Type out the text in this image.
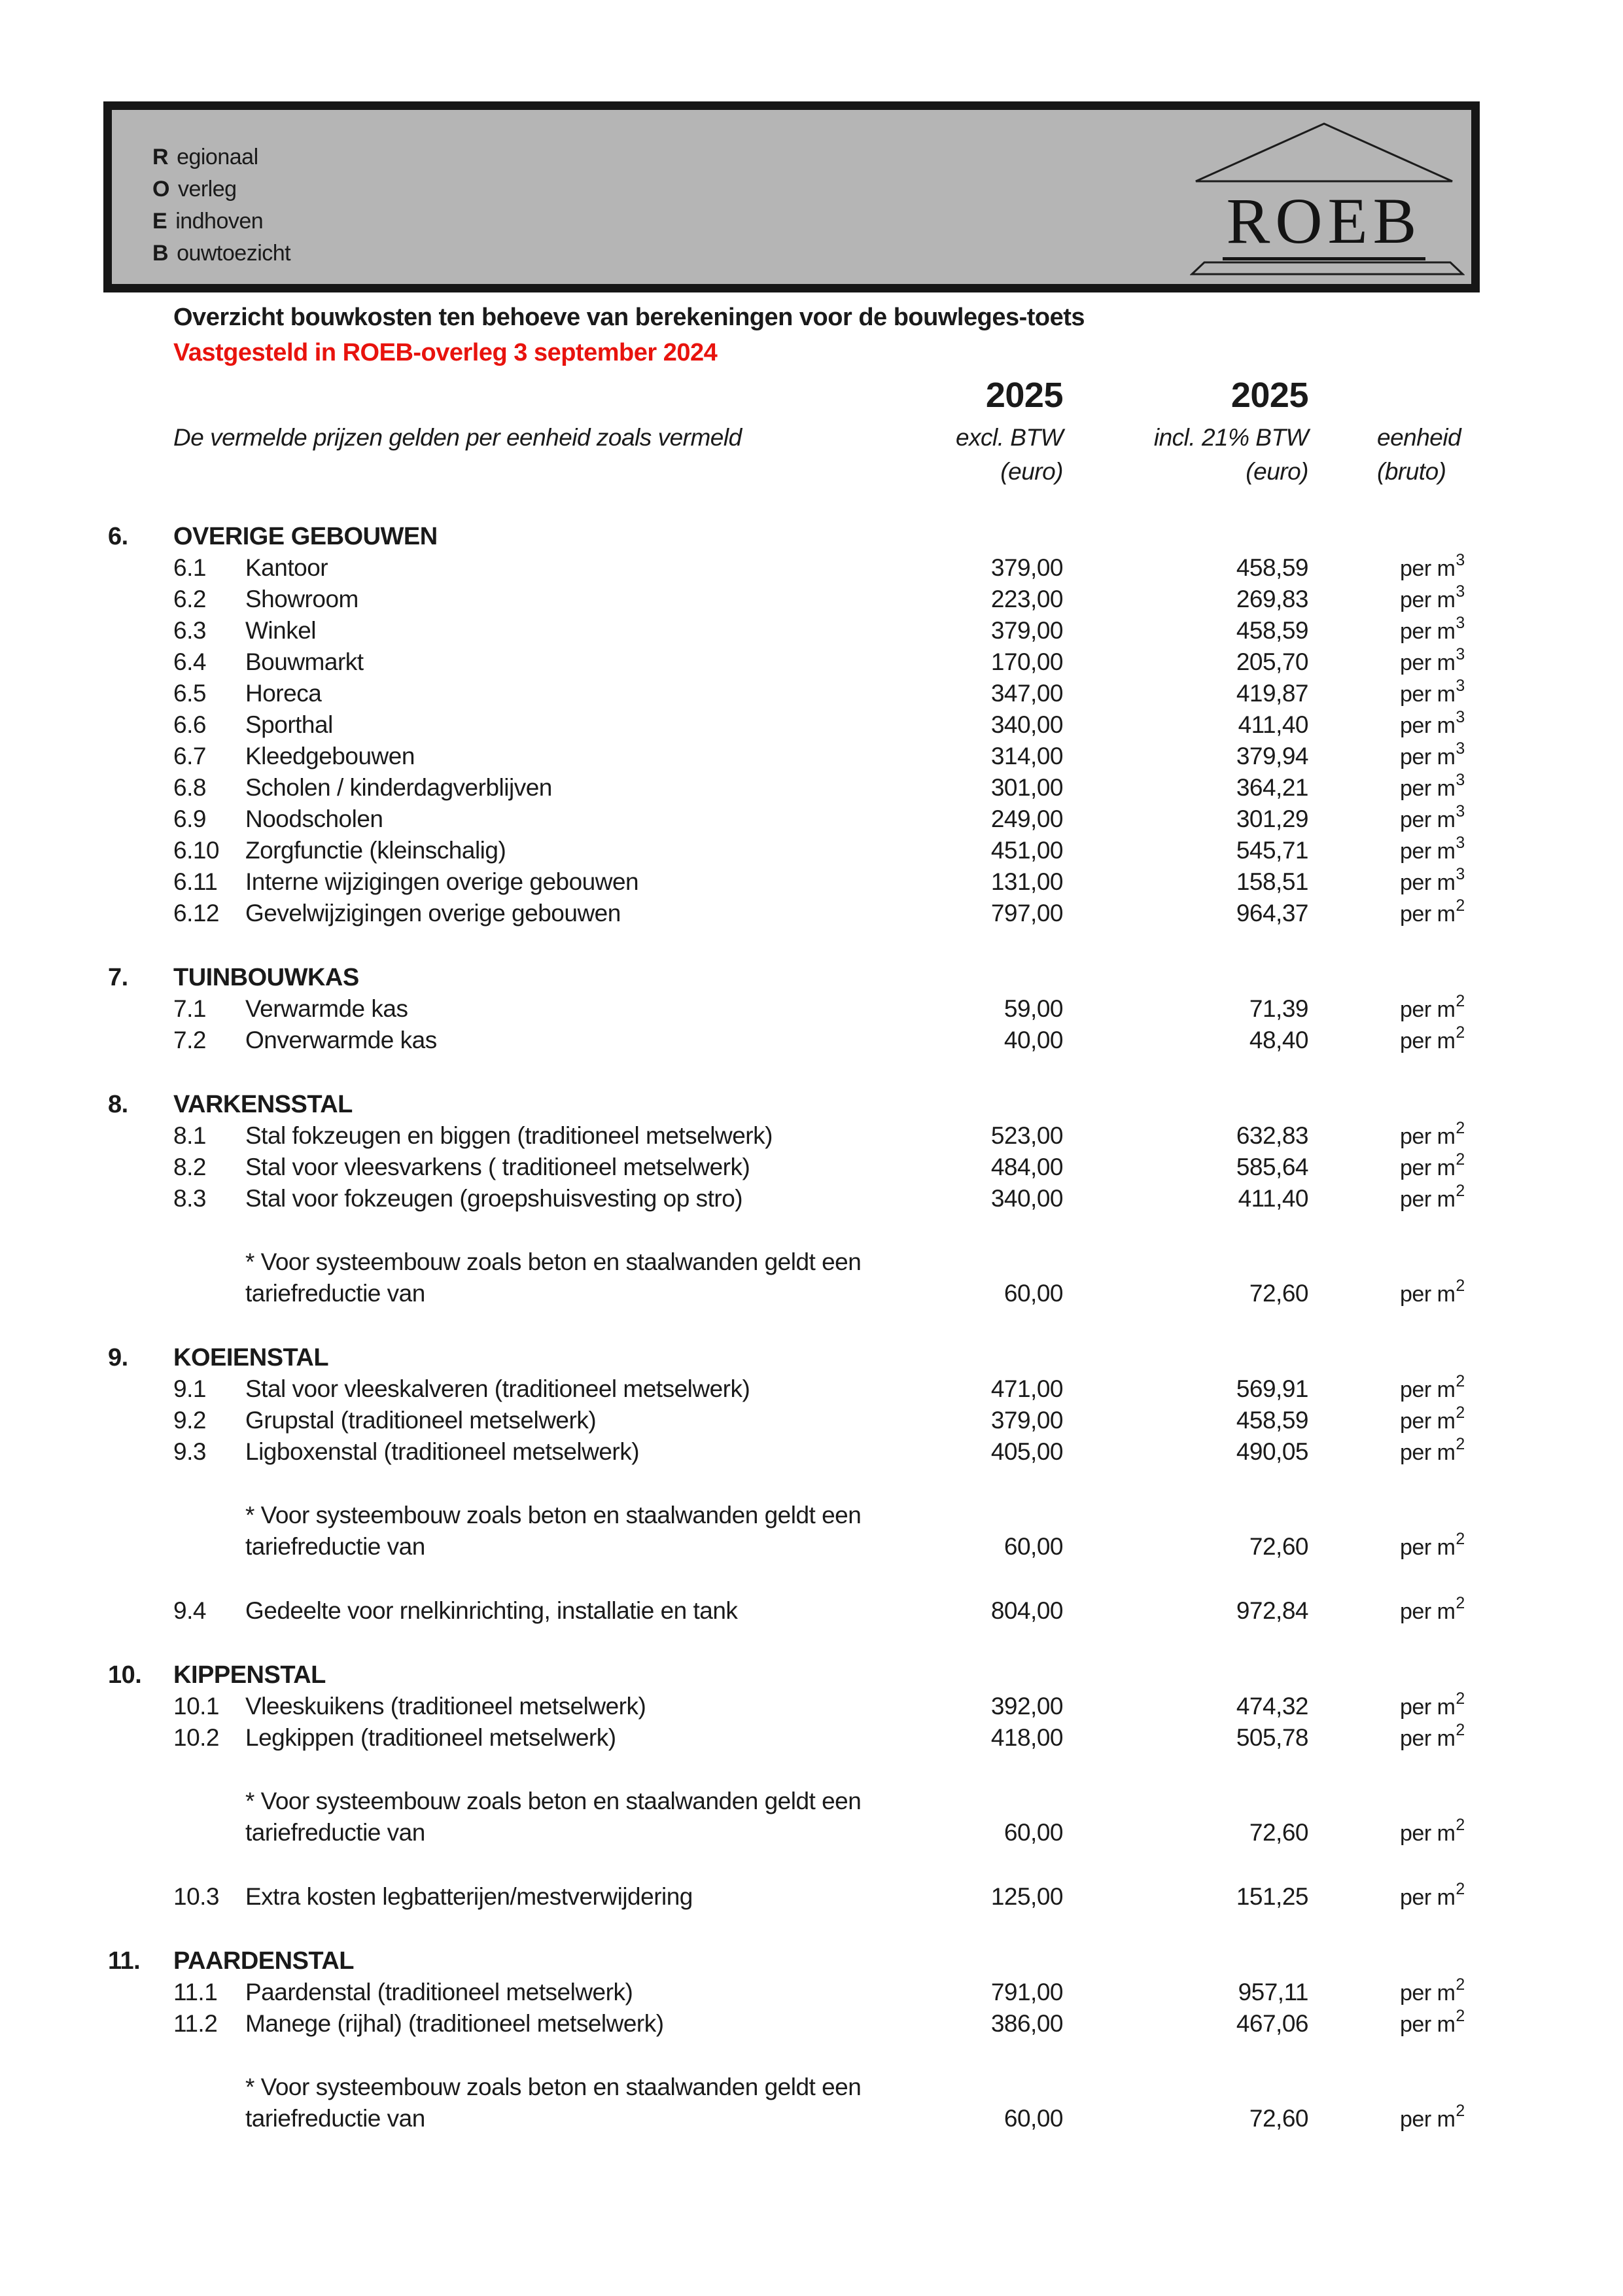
R egionaal
O verleg
E indhoven
B ouwtoezicht	ROEB
Overzicht bouwkosten ten behoeve van berekeningen voor de bouwleges-toets
Vastgesteld in ROEB-overleg 3 september 2024
2025	2025
De vermelde prijzen gelden per eenheid zoals vermeld	excl. BTW	incl. 21% BTW	eenheid
(euro)	(euro)	(bruto)
6.	OVERIGE GEBOUWEN
6.1	Kantoor	379,00	458,59	per $m^3$
6.2	Showroom	223,00	269,83	per $m^3$
6.3	Winkel	379,00	458,59	per $m^3$
6.4	Bouwmarkt	170,00	205,70	per $m^3$
6.5	Horeca	347,00	419,87	per $m^3$
6.6	Sporthal	340,00	411,40	per $m^3$
6.7	Kleedgebouwen	314,00	379,94	per $m^3$
6.8	Scholen / kinderdagverblijven	301,00	364,21	per $m^3$
6.9	Noodscholen	249,00	301,29	per $m^3$
6.10	Zorgfunctie (kleinschalig)	451,00	545,71	per $m^3$
6.11	Interne wijzigingen overige gebouwen	131,00	158,51	per $m^3$
6.12	Gevelwijzigingen overige gebouwen	797,00	964,37	per $m^2$
7.	TUINBOUWKAS
7.1	Verwarmde kas	59,00	71,39	per $m^2$
7.2	Onverwarmde kas	40,00	48,40	per $m^2$
8.	VARKENSSTAL
8.1	Stal fokzeugen en biggen (traditioneel metselwerk)	523,00	632,83	per $m^2$
8.2	Stal voor vleesvarkens ( traditioneel metselwerk)	484,00	585,64	per $m^2$
8.3	Stal voor fokzeugen (groepshuisvesting op stro)	340,00	411,40	per $m^2$
* Voor systeembouw zoals beton en staalwanden geldt een
tariefreductie van	60,00	72,60	per $m^2$
9.	KOEIENSTAL
9.1	Stal voor vleeskalveren (traditioneel metselwerk)	471,00	569,91	per $m^2$
9.2	Grupstal (traditioneel metselwerk)	379,00	458,59	per $m^2$
9.3	Ligboxenstal (traditioneel metselwerk)	405,00	490,05	per $m^2$
* Voor systeembouw zoals beton en staalwanden geldt een
tariefreductie van	60,00	72,60	per $m^2$
9.4	Gedeelte voor rnelkinrichting, installatie en tank	804,00	972,84	per $m^2$
10.	KIPPENSTAL
10.1	Vleeskuikens (traditioneel metselwerk)	392,00	474,32	per $m^2$
10.2	Legkippen (traditioneel metselwerk)	418,00	505,78	per $m^2$
* Voor systeembouw zoals beton en staalwanden geldt een
tariefreductie van	60,00	72,60	per $m^2$
10.3	Extra kosten legbatterijen/mestverwijdering	125,00	151,25	per $m^2$
11.	PAARDENSTAL
11.1	Paardenstal (traditioneel metselwerk)	791,00	957,11	per $m^2$
11.2	Manege (rijhal) (traditioneel metselwerk)	386,00	467,06	per $m^2$
* Voor systeembouw zoals beton en staalwanden geldt een
tariefreductie van	60,00	72,60	per $m^2$
